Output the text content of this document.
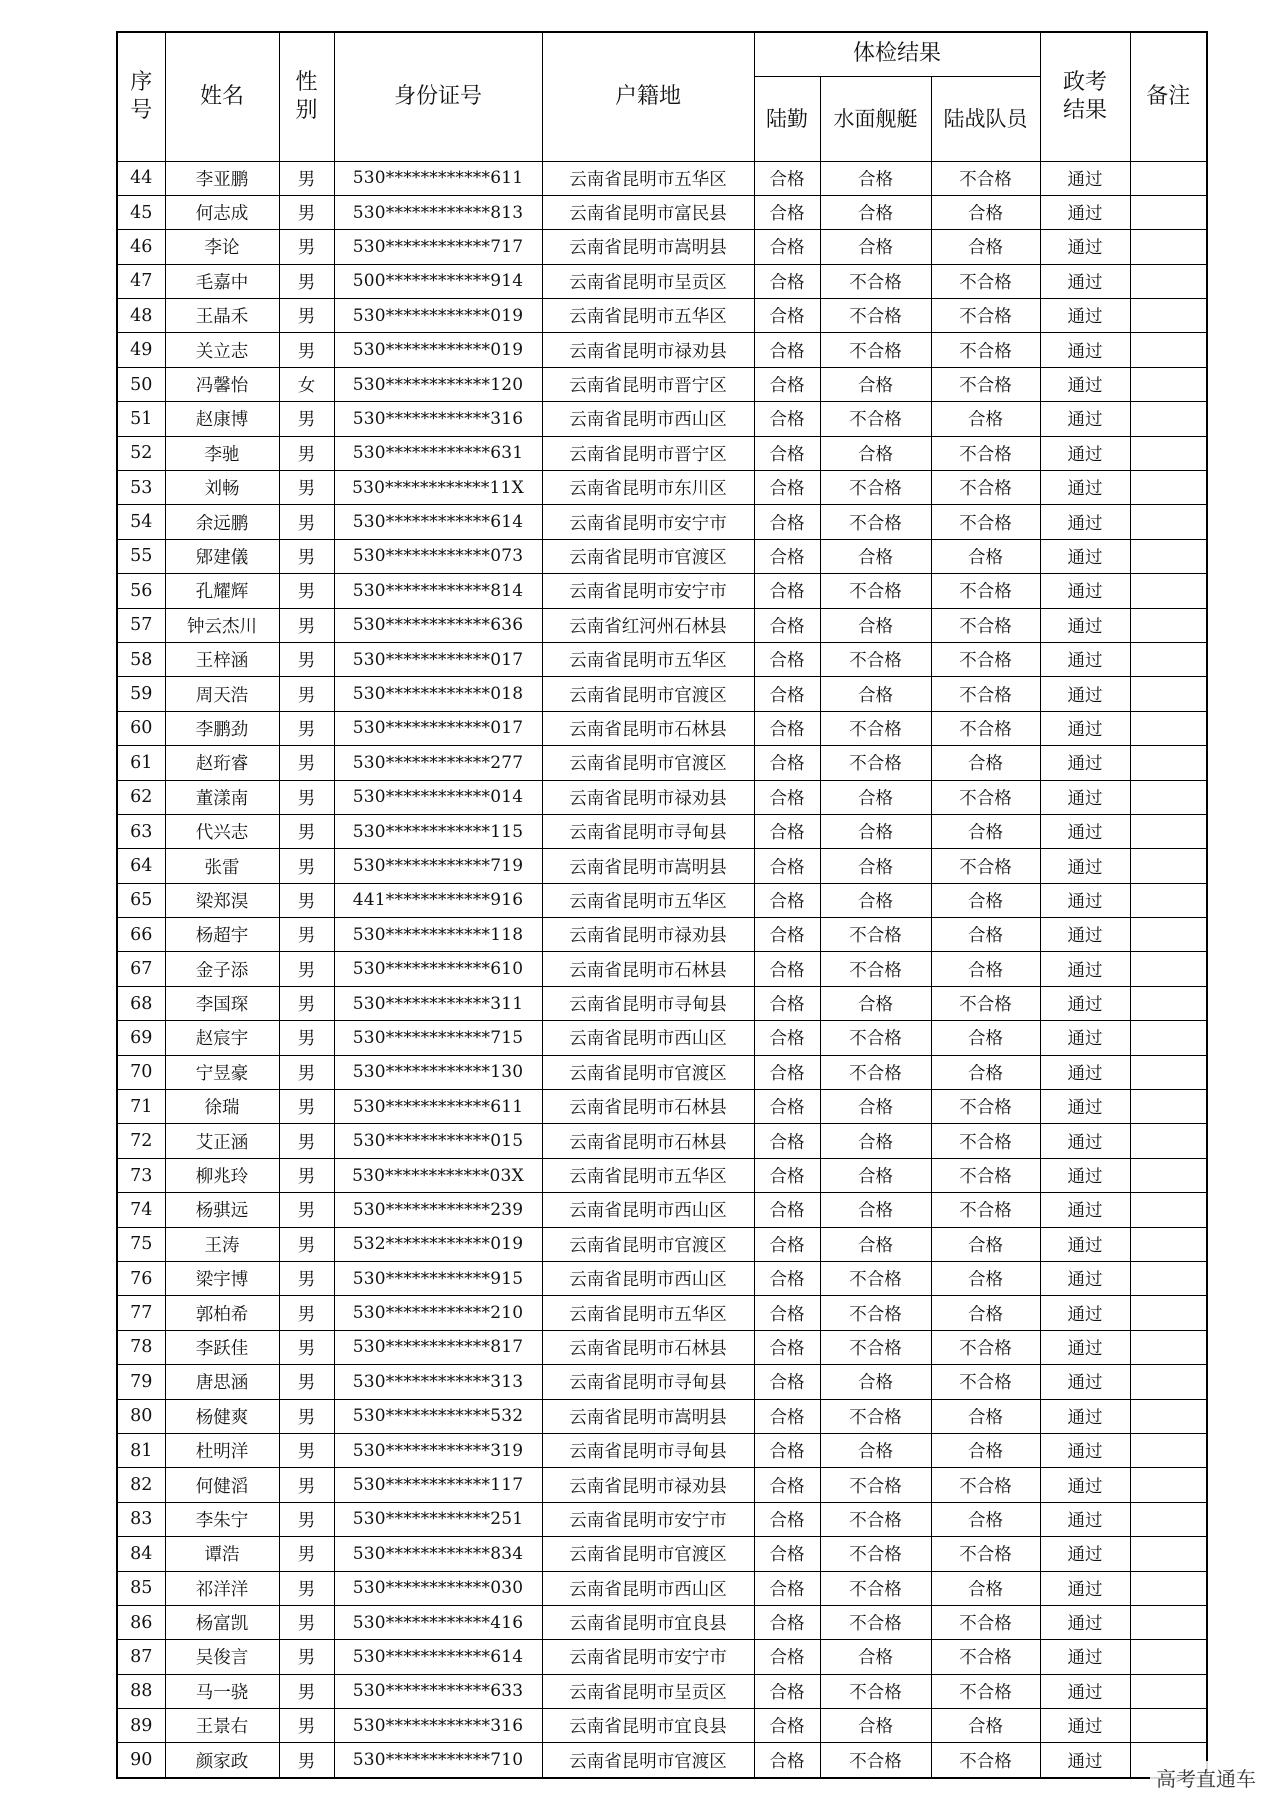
序
号	姓名	性
别	身份证号	户籍地	体检结果			政考
结果	备注
					陆勤	水面舰艇	陆战队员		
44	李亚鹏	男	530************611	云南省昆明市五华区	合格	合格	不合格	通过	
45	何志成	男	530************813	云南省昆明市富民县	合格	合格	合格	通过	
46	李论	男	530************717	云南省昆明市嵩明县	合格	合格	合格	通过	
47	毛嘉中	男	500************914	云南省昆明市呈贡区	合格	不合格	不合格	通过	
48	王晶禾	男	530************019	云南省昆明市五华区	合格	不合格	不合格	通过	
49	关立志	男	530************019	云南省昆明市禄劝县	合格	不合格	不合格	通过	
50	冯馨怡	女	530************120	云南省昆明市晋宁区	合格	合格	不合格	通过	
51	赵康博	男	530************316	云南省昆明市西山区	合格	不合格	合格	通过	
52	李驰	男	530************631	云南省昆明市晋宁区	合格	合格	不合格	通过	
53	刘畅	男	530************11X	云南省昆明市东川区	合格	不合格	不合格	通过	
54	余远鹏	男	530************614	云南省昆明市安宁市	合格	不合格	不合格	通过	
55	郳建儀	男	530************073	云南省昆明市官渡区	合格	合格	合格	通过	
56	孔耀辉	男	530************814	云南省昆明市安宁市	合格	不合格	不合格	通过	
57	钟云杰川	男	530************636	云南省红河州石林县	合格	合格	不合格	通过	
58	王梓涵	男	530************017	云南省昆明市五华区	合格	不合格	不合格	通过	
59	周天浩	男	530************018	云南省昆明市官渡区	合格	合格	不合格	通过	
60	李鹏劲	男	530************017	云南省昆明市石林县	合格	不合格	不合格	通过	
61	赵珩睿	男	530************277	云南省昆明市官渡区	合格	不合格	合格	通过	
62	董漾南	男	530************014	云南省昆明市禄劝县	合格	合格	不合格	通过	
63	代兴志	男	530************115	云南省昆明市寻甸县	合格	合格	合格	通过	
64	张雷	男	530************719	云南省昆明市嵩明县	合格	合格	不合格	通过	
65	梁郑淏	男	441************916	云南省昆明市五华区	合格	合格	合格	通过	
66	杨超宇	男	530************118	云南省昆明市禄劝县	合格	不合格	合格	通过	
67	金子添	男	530************610	云南省昆明市石林县	合格	不合格	合格	通过	
68	李国琛	男	530************311	云南省昆明市寻甸县	合格	合格	不合格	通过	
69	赵宸宇	男	530************715	云南省昆明市西山区	合格	不合格	合格	通过	
70	宁昱豪	男	530************130	云南省昆明市官渡区	合格	不合格	合格	通过	
71	徐瑞	男	530************611	云南省昆明市石林县	合格	合格	不合格	通过	
72	艾正涵	男	530************015	云南省昆明市石林县	合格	合格	不合格	通过	
73	柳兆玲	男	530************03X	云南省昆明市五华区	合格	合格	不合格	通过	
74	杨骐远	男	530************239	云南省昆明市西山区	合格	合格	不合格	通过	
75	王涛	男	532************019	云南省昆明市官渡区	合格	合格	合格	通过	
76	梁宇博	男	530************915	云南省昆明市西山区	合格	不合格	合格	通过	
77	郭柏希	男	530************210	云南省昆明市五华区	合格	不合格	合格	通过	
78	李跃佳	男	530************817	云南省昆明市石林县	合格	不合格	不合格	通过	
79	唐思涵	男	530************313	云南省昆明市寻甸县	合格	合格	不合格	通过	
80	杨健爽	男	530************532	云南省昆明市嵩明县	合格	不合格	合格	通过	
81	杜明洋	男	530************319	云南省昆明市寻甸县	合格	合格	合格	通过	
82	何健滔	男	530************117	云南省昆明市禄劝县	合格	不合格	不合格	通过	
83	李朱宁	男	530************251	云南省昆明市安宁市	合格	不合格	合格	通过	
84	谭浩	男	530************834	云南省昆明市官渡区	合格	不合格	不合格	通过	
85	祁洋洋	男	530************030	云南省昆明市西山区	合格	不合格	合格	通过	
86	杨富凯	男	530************416	云南省昆明市宜良县	合格	不合格	不合格	通过	
87	吴俊言	男	530************614	云南省昆明市安宁市	合格	合格	不合格	通过	
88	马一骁	男	530************633	云南省昆明市呈贡区	合格	不合格	不合格	通过	
89	王景右	男	530************316	云南省昆明市宜良县	合格	合格	合格	通过	
90	颜家政	男	530************710	云南省昆明市官渡区	合格	不合格	不合格	通过	
高考直通车
